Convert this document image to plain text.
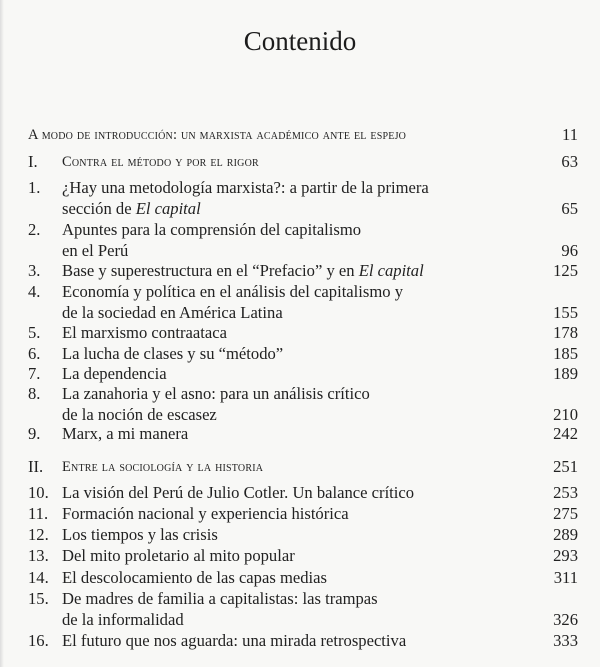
Contenido
A modo de introducción: un marxista académico ante el espejo	11
I. Contra el método y por el rigor	63
1. ¿Hay una metodología marxista?: a partir de la primera
sección de El capital	65
2. Apuntes para la comprensión del capitalismo
en el Perú	96
3. Base y superestructura en el “Prefacio” y en El capital	125
4. Economía y política en el análisis del capitalismo y
de la sociedad en América Latina	155
5. El marxismo contraataca	178
6. La lucha de clases y su “método”	185
7. La dependencia	189
8. La zanahoria y el asno: para un análisis crítico
de la noción de escasez	210
9. Marx, a mi manera	242
II. Entre la sociología y la historia	251
10. La visión del Perú de Julio Cotler. Un balance crítico	253
11. Formación nacional y experiencia histórica	275
12. Los tiempos y las crisis	289
13. Del mito proletario al mito popular	293
14. El descolocamiento de las capas medias	311
15. De madres de familia a capitalistas: las trampas
de la informalidad	326
16. El futuro que nos aguarda: una mirada retrospectiva	333
